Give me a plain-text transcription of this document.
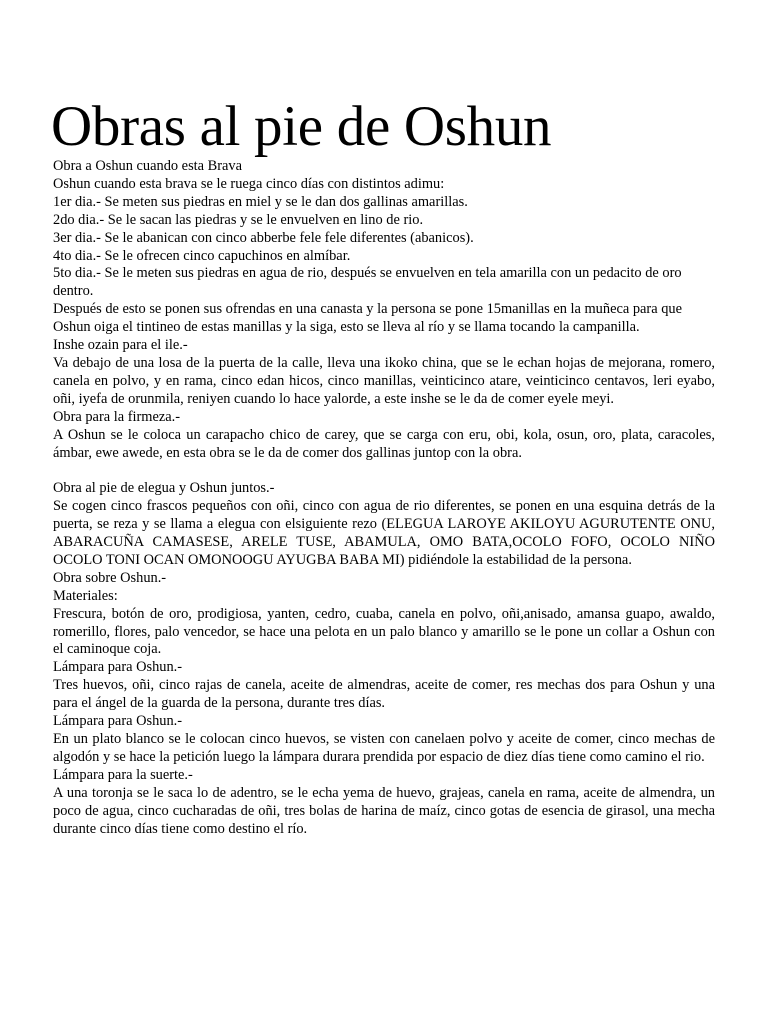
Obras al pie de Oshun

Obra a Oshun cuando esta Brava

Oshun cuando esta brava se le ruega cinco días con distintos adimu:

1er dia.- Se meten sus piedras en miel y se le dan dos gallinas amarillas.

2do dia.- Se le sacan las piedras y se le envuelven en lino de rio.

3er dia.- Se le abanican con cinco abberbe fele fele diferentes (abanicos).

4to dia.- Se le ofrecen cinco capuchinos en almíbar.

5to dia.- Se le meten sus piedras en agua de rio, después se envuelven en tela amarilla con un pedacito de oro dentro.

Después de esto se ponen sus ofrendas en una canasta y la persona se pone 15manillas en la muñeca para que Oshun oiga el tintineo de estas manillas y la siga, esto se lleva al río y se llama tocando la campanilla.

Inshe ozain para el ile.-

Va debajo de una losa de la puerta de la calle, lleva una ikoko china, que se le echan hojas de mejorana, romero, canela en polvo, y en rama, cinco edan hicos, cinco manillas, veinticinco atare, veinticinco centavos, leri eyabo, oñi, iyefa de orunmila, reniyen cuando lo hace yalorde, a este inshe se le da de comer eyele meyi.

Obra para la firmeza.-

A Oshun se le coloca un carapacho chico de carey, que se carga con eru, obi, kola, osun, oro, plata, caracoles, ámbar, ewe awede, en esta obra se le da de comer dos gallinas juntop con la obra.

Obra al pie de elegua y Oshun juntos.-

Se cogen cinco frascos pequeños con oñi, cinco con agua de rio diferentes, se ponen en una esquina detrás de la puerta, se reza y se llama a elegua con elsiguiente rezo (ELEGUA LAROYE AKILOYU AGURUTENTE ONU, ABARACUÑA CAMASESE, ARELE TUSE, ABAMULA, OMO BATA,OCOLO FOFO, OCOLO NIÑO OCOLO TONI OCAN OMONOOGU AYUGBA BABA MI) pidiéndole la estabilidad de la persona.

Obra sobre Oshun.-

Materiales:

Frescura, botón de oro, prodigiosa, yanten, cedro, cuaba, canela en polvo, oñi,anisado, amansa guapo, awaldo, romerillo, flores, palo vencedor, se hace una pelota en un palo blanco y amarillo se le pone un collar a Oshun con el caminoque coja.

Lámpara para Oshun.-

Tres huevos, oñi, cinco rajas de canela, aceite de almendras, aceite de comer, res mechas dos para Oshun y una para el ángel de la guarda de la persona, durante tres días.

Lámpara para Oshun.-

En un plato blanco se le colocan cinco huevos, se visten con canelaen polvo y aceite de comer, cinco mechas de algodón y se hace la petición luego la lámpara durara prendida por espacio de diez días tiene como camino el rio.

Lámpara para la suerte.-

A una toronja se le saca lo de adentro, se le echa yema de huevo, grajeas, canela en rama, aceite de almendra, un poco de agua, cinco cucharadas de oñi, tres bolas de harina de maíz, cinco gotas de esencia de girasol, una mecha durante cinco días tiene como destino el río.
